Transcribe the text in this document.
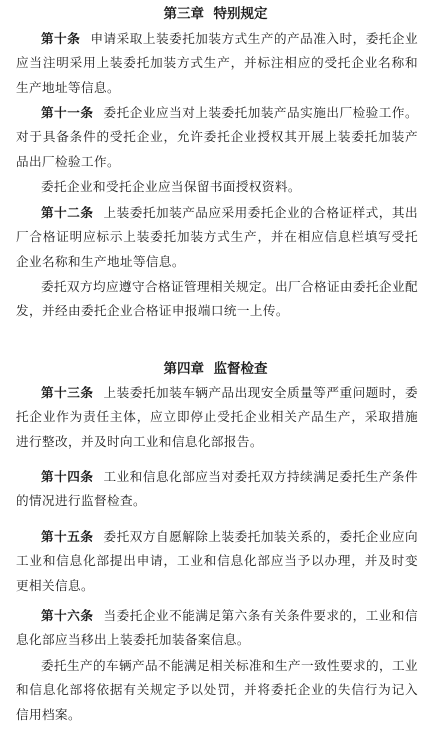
第三章  特别规定

第十条 申请采取上装委托加装方式生产的产品准入时，委托企业应当注明采用上装委托加装方式生产，并标注相应的受托企业名称和生产地址等信息。

第十一条 委托企业应当对上装委托加装产品实施出厂检验工作。对于具备条件的受托企业，允许委托企业授权其开展上装委托加装产品出厂检验工作。

委托企业和受托企业应当保留书面授权资料。

第十二条 上装委托加装产品应采用委托企业的合格证样式，其出厂合格证明应标示上装委托加装方式生产，并在相应信息栏填写受托企业名称和生产地址等信息。

委托双方均应遵守合格证管理相关规定。出厂合格证由委托企业配发，并经由委托企业合格证申报端口统一上传。

第四章  监督检查

第十三条 上装委托加装车辆产品出现安全质量等严重问题时，委托企业作为责任主体，应立即停止受托企业相关产品生产，采取措施进行整改，并及时向工业和信息化部报告。

第十四条 工业和信息化部应当对委托双方持续满足委托生产条件的情况进行监督检查。

第十五条 委托双方自愿解除上装委托加装关系的，委托企业应向工业和信息化部提出申请，工业和信息化部应当予以办理，并及时变更相关信息。

第十六条 当委托企业不能满足第六条有关条件要求的，工业和信息化部应当移出上装委托加装备案信息。

委托生产的车辆产品不能满足相关标准和生产一致性要求的，工业和信息化部将依据有关规定予以处罚，并将委托企业的失信行为记入信用档案。
